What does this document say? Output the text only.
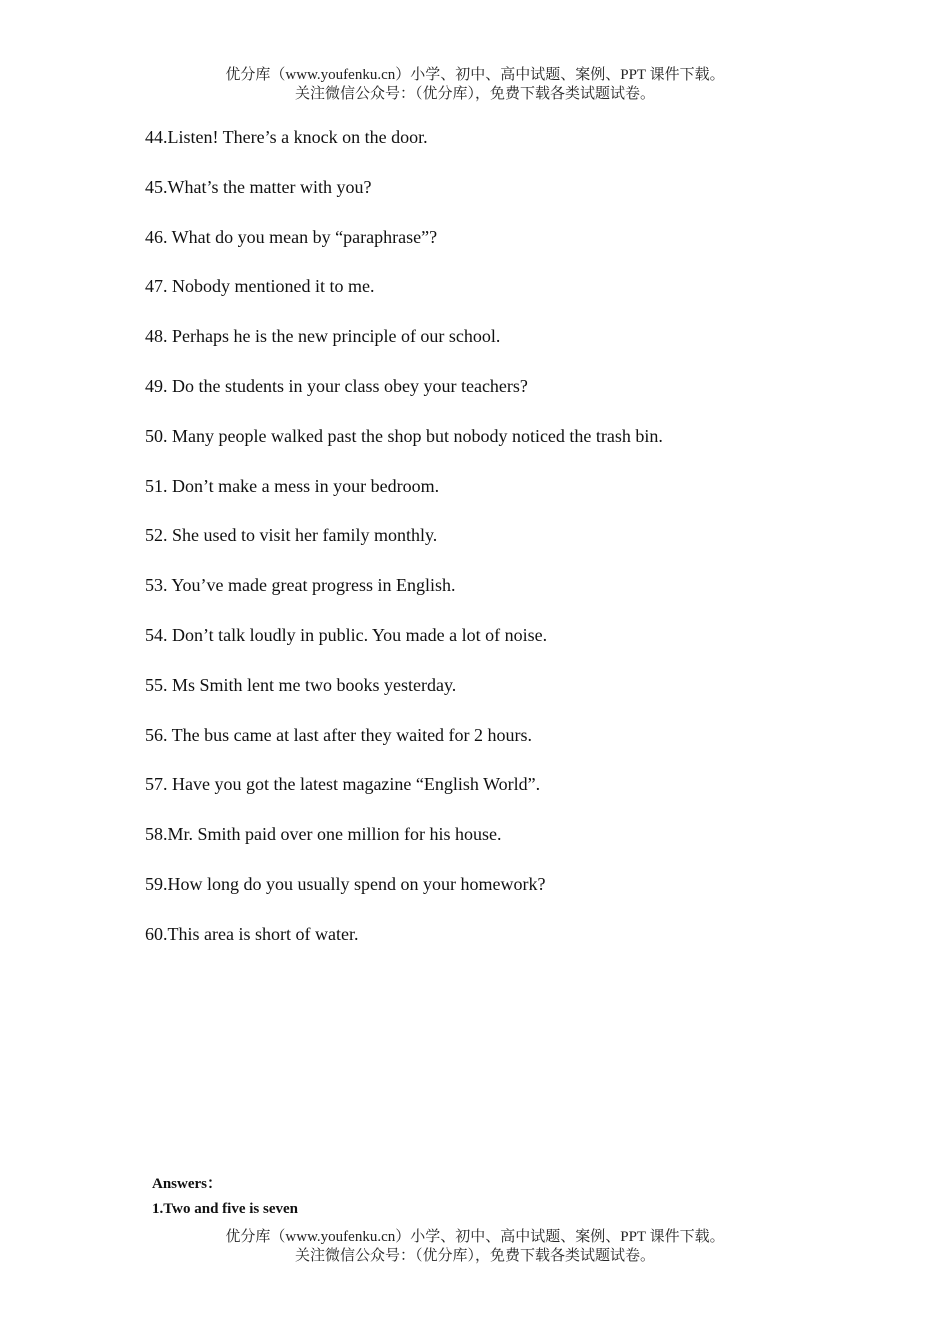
优分库（www.youfenku.cn）小学、初中、高中试题、案例、PPT 课件下载。
关注微信公众号：（优分库），免费下载各类试题试卷。
44.Listen! There’s a knock on the door.
45.What’s the matter with you?
46. What do you mean by “paraphrase”?
47. Nobody mentioned it to me.
48. Perhaps he is the new principle of our school.
49. Do the students in your class obey your teachers?
50. Many people walked past the shop but nobody noticed the trash bin.
51. Don’t make a mess in your bedroom.
52. She used to visit her family monthly.
53. You’ve made great progress in English.
54. Don’t talk loudly in public. You made a lot of noise.
55. Ms Smith lent me two books yesterday.
56. The bus came at last after they waited for 2 hours.
57. Have you got the latest magazine “English World”.
58.Mr. Smith paid over one million for his house.
59.How long do you usually spend on your homework?
60.This area is short of water.
Answers：
1.Two and five is seven
优分库（www.youfenku.cn）小学、初中、高中试题、案例、PPT 课件下载。
关注微信公众号：（优分库），免费下载各类试题试卷。
